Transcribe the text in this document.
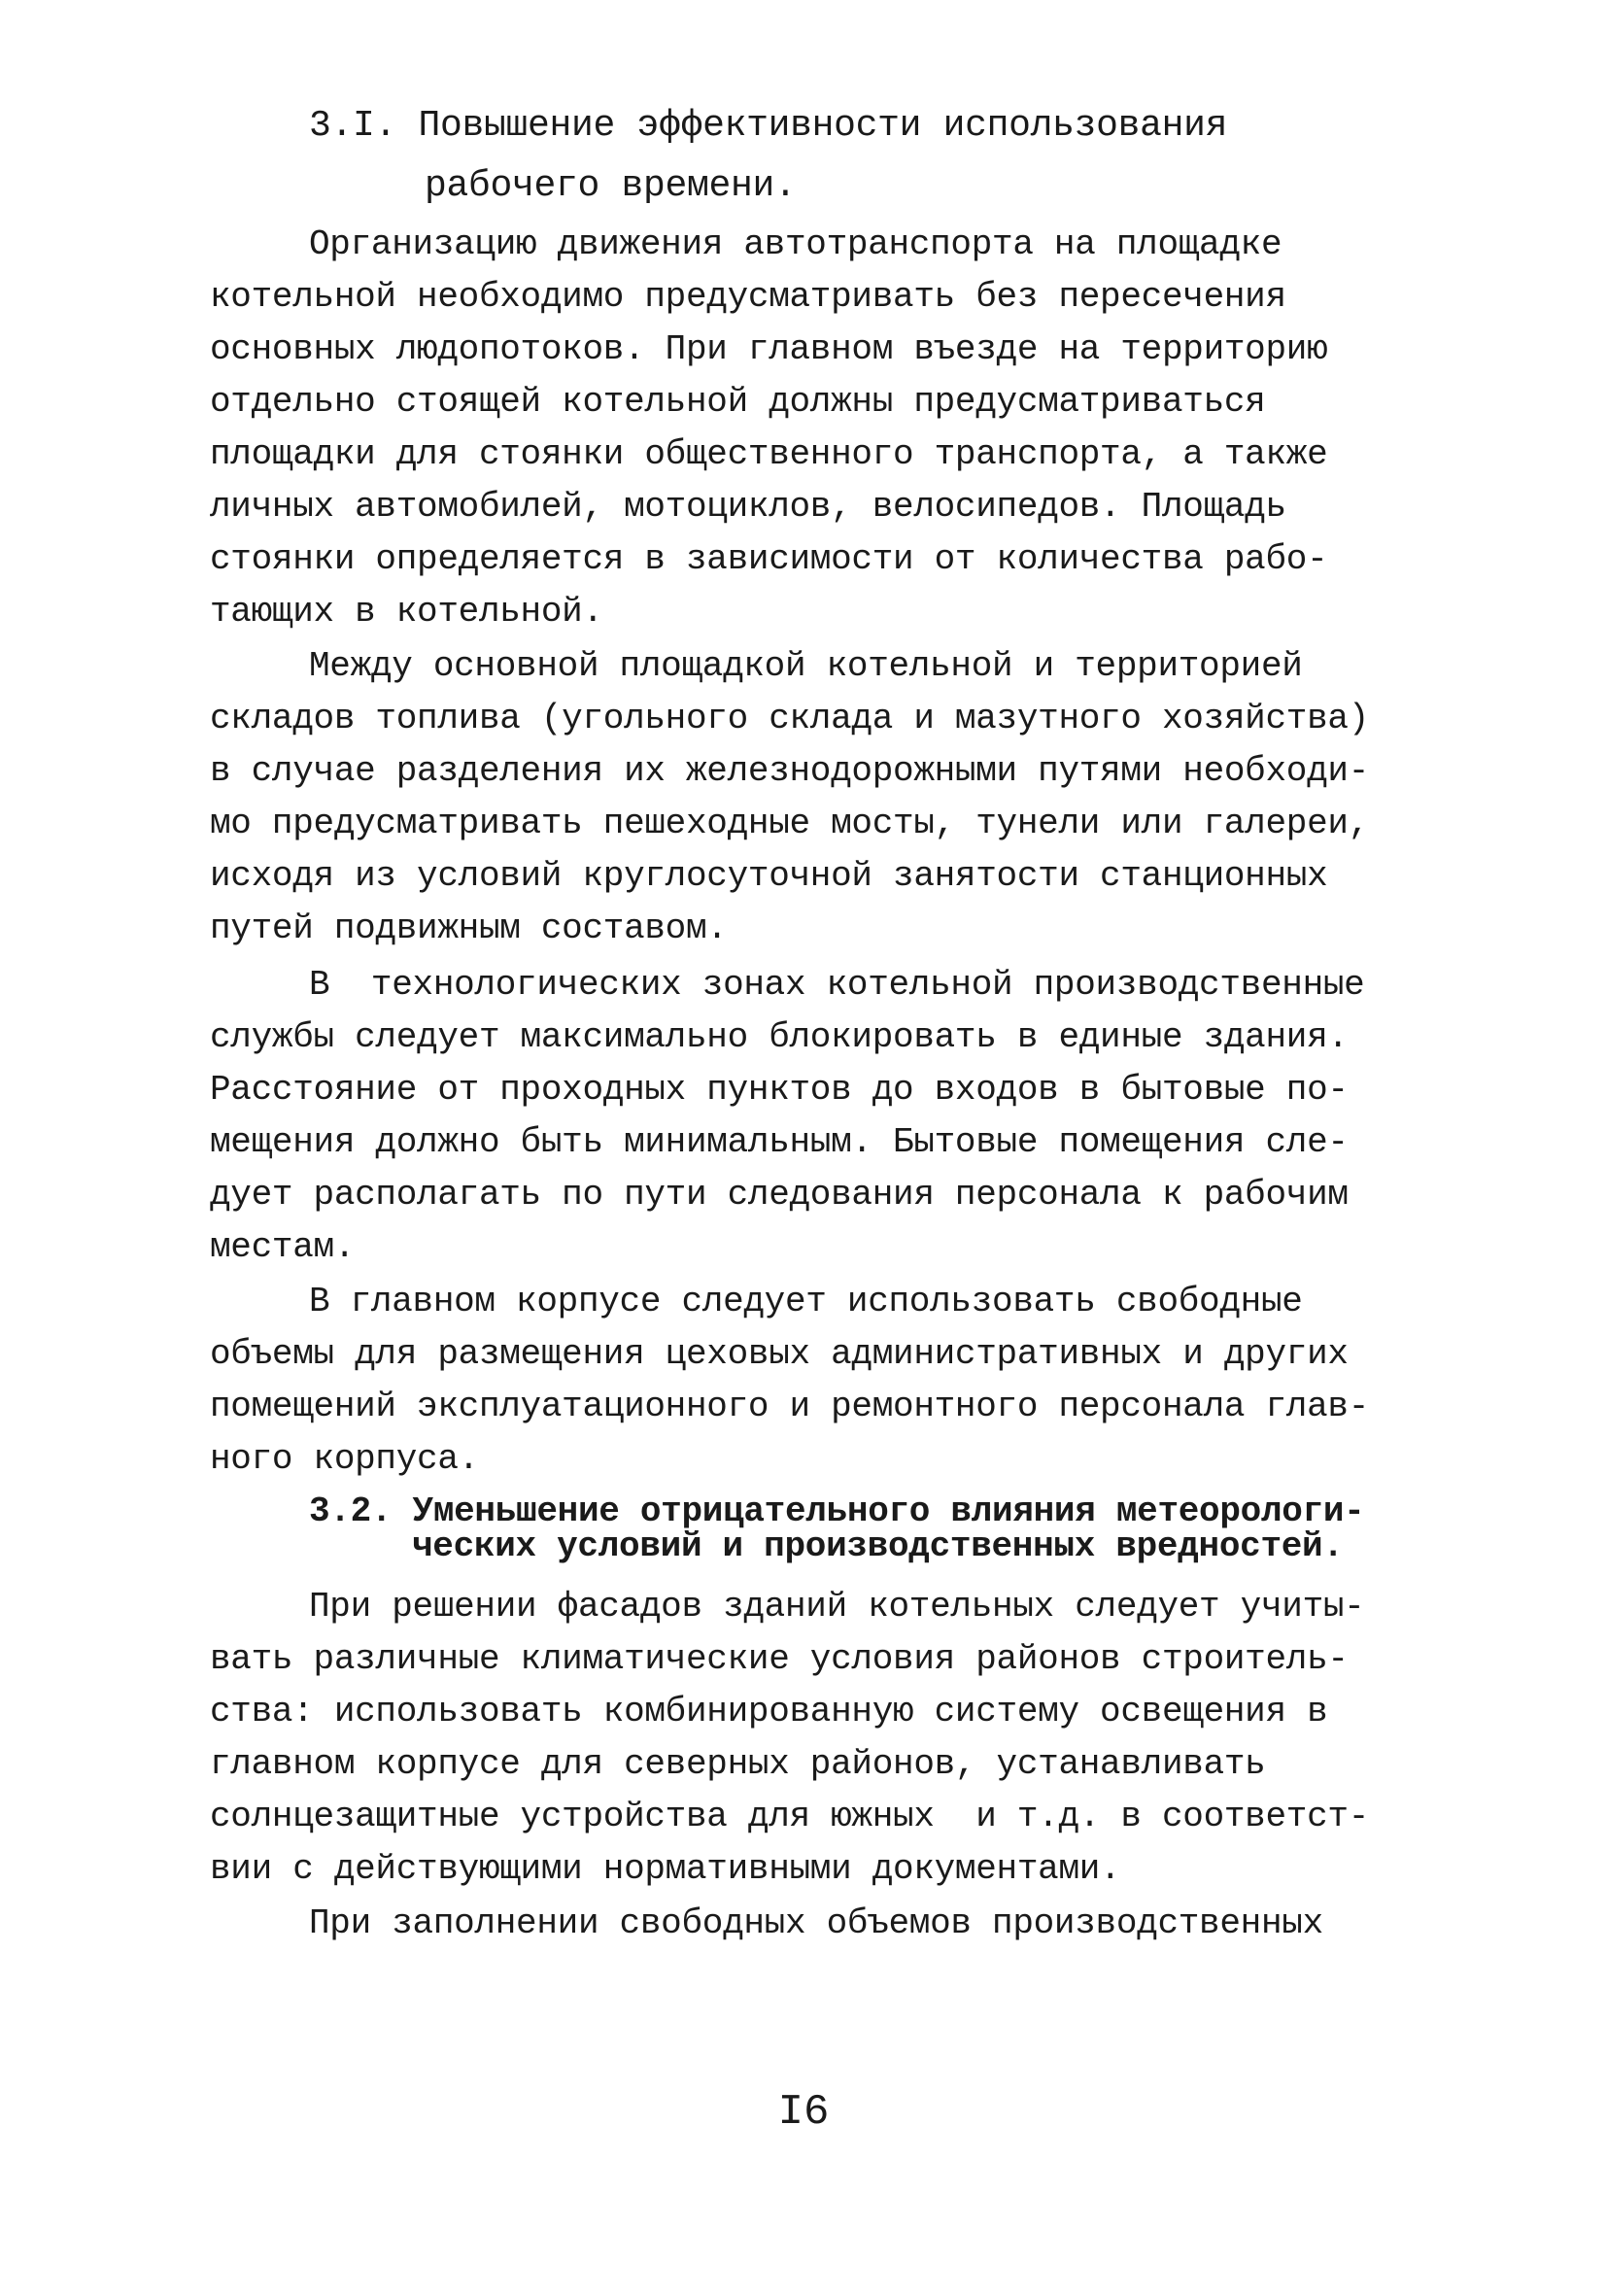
3.I. Повышение эффективности использования
рабочего времени.
Организацию движения автотранспорта на площадке
котельной необходимо предусматривать без пересечения
основных людопотоков. При главном въезде на территорию
отдельно стоящей котельной должны предусматриваться
площадки для стоянки общественного транспорта, а также
личных автомобилей, мотоциклов, велосипедов. Площадь
стоянки определяется в зависимости от количества рабо-
тающих в котельной.
Между основной площадкой котельной и территорией
складов топлива (угольного склада и мазутного хозяйства)
в случае разделения их железнодорожными путями необходи-
мо предусматривать пешеходные мосты, тунели или галереи,
исходя из условий круглосуточной занятости станционных
путей подвижным составом.
В  технологических зонах котельной производственные
службы следует максимально блокировать в единые здания.
Расстояние от проходных пунктов до входов в бытовые по-
мещения должно быть минимальным. Бытовые помещения сле-
дует располагать по пути следования персонала к рабочим
местам.
В главном корпусе следует использовать свободные
объемы для размещения цеховых административных и других
помещений эксплуатационного и ремонтного персонала глав-
ного корпуса.
3.2. Уменьшение отрицательного влияния метеорологи-
ческих условий и производственных вредностей.
При решении фасадов зданий котельных следует учиты-
вать различные климатические условия районов строитель-
ства: использовать комбинированную систему освещения в
главном корпусе для северных районов, устанавливать
солнцезащитные устройства для южных  и т.д. в соответст-
вии с действующими нормативными документами.
При заполнении свободных объемов производственных
I6
